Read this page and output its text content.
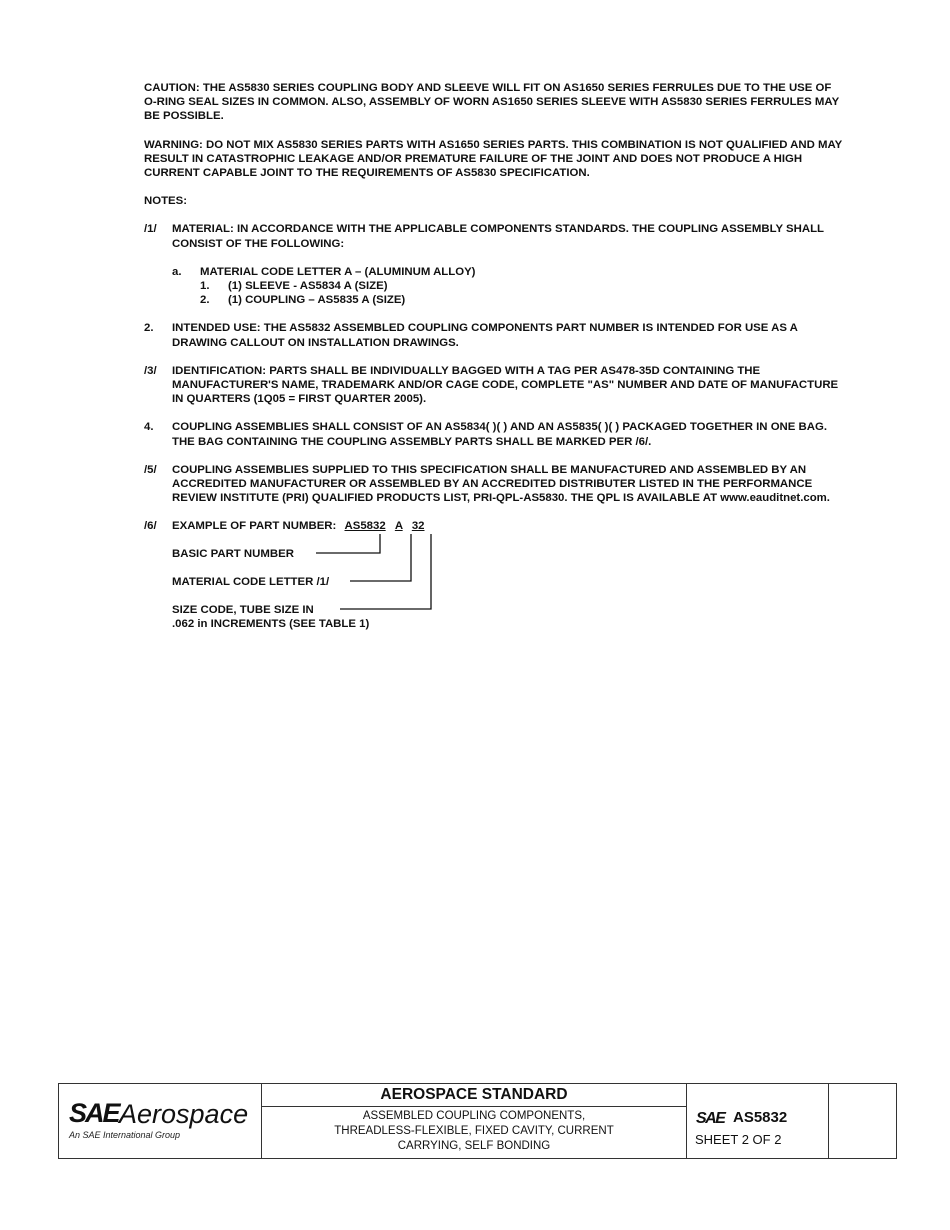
CAUTION: THE AS5830 SERIES COUPLING BODY AND SLEEVE WILL FIT ON AS1650 SERIES FERRULES DUE TO THE USE OF O-RING SEAL SIZES IN COMMON. ALSO, ASSEMBLY OF WORN AS1650 SERIES SLEEVE WITH AS5830 SERIES FERRULES MAY BE POSSIBLE.

WARNING: DO NOT MIX AS5830 SERIES PARTS WITH AS1650 SERIES PARTS. THIS COMBINATION IS NOT QUALIFIED AND MAY RESULT IN CATASTROPHIC LEAKAGE AND/OR PREMATURE FAILURE OF THE JOINT AND DOES NOT PRODUCE A HIGH CURRENT CAPABLE JOINT TO THE REQUIREMENTS OF AS5830 SPECIFICATION.

NOTES:

/1/ MATERIAL: IN ACCORDANCE WITH THE APPLICABLE COMPONENTS STANDARDS. THE COUPLING ASSEMBLY SHALL CONSIST OF THE FOLLOWING:

a. MATERIAL CODE LETTER A – (ALUMINUM ALLOY)

1. (1) SLEEVE - AS5834 A (SIZE)
2. (1) COUPLING – AS5835 A (SIZE)
2. INTENDED USE: THE AS5832 ASSEMBLED COUPLING COMPONENTS PART NUMBER IS INTENDED FOR USE AS A DRAWING CALLOUT ON INSTALLATION DRAWINGS.

/3/ IDENTIFICATION: PARTS SHALL BE INDIVIDUALLY BAGGED WITH A TAG PER AS478-35D CONTAINING THE MANUFACTURER'S NAME, TRADEMARK AND/OR CAGE CODE, COMPLETE "AS" NUMBER AND DATE OF MANUFACTURE IN QUARTERS (1Q05 = FIRST QUARTER 2005).

4. COUPLING ASSEMBLIES SHALL CONSIST OF AN AS5834( )( ) AND AN AS5835( )( ) PACKAGED TOGETHER IN ONE BAG. THE BAG CONTAINING THE COUPLING ASSEMBLY PARTS SHALL BE MARKED PER /6/.

/5/ COUPLING ASSEMBLIES SUPPLIED TO THIS SPECIFICATION SHALL BE MANUFACTURED AND ASSEMBLED BY AN ACCREDITED MANUFACTURER OR ASSEMBLED BY AN ACCREDITED DISTRIBUTER LISTED IN THE PERFORMANCE REVIEW INSTITUTE (PRI) QUALIFIED PRODUCTS LIST, PRI-QPL-AS5830. THE QPL IS AVAILABLE AT www.eauditnet.com.

/6/ EXAMPLE OF PART NUMBER: AS5832 A 32
BASIC PART NUMBER
MATERIAL CODE LETTER /1/
SIZE CODE, TUBE SIZE IN
.062 in INCREMENTS (SEE TABLE 1)
SAE Aerospace
An SAE International Group
AEROSPACE STANDARD
ASSEMBLED COUPLING COMPONENTS,
THREADLESS-FLEXIBLE, FIXED CAVITY, CURRENT
CARRYING, SELF BONDING
SAE AS5832
SHEET 2 OF 2
